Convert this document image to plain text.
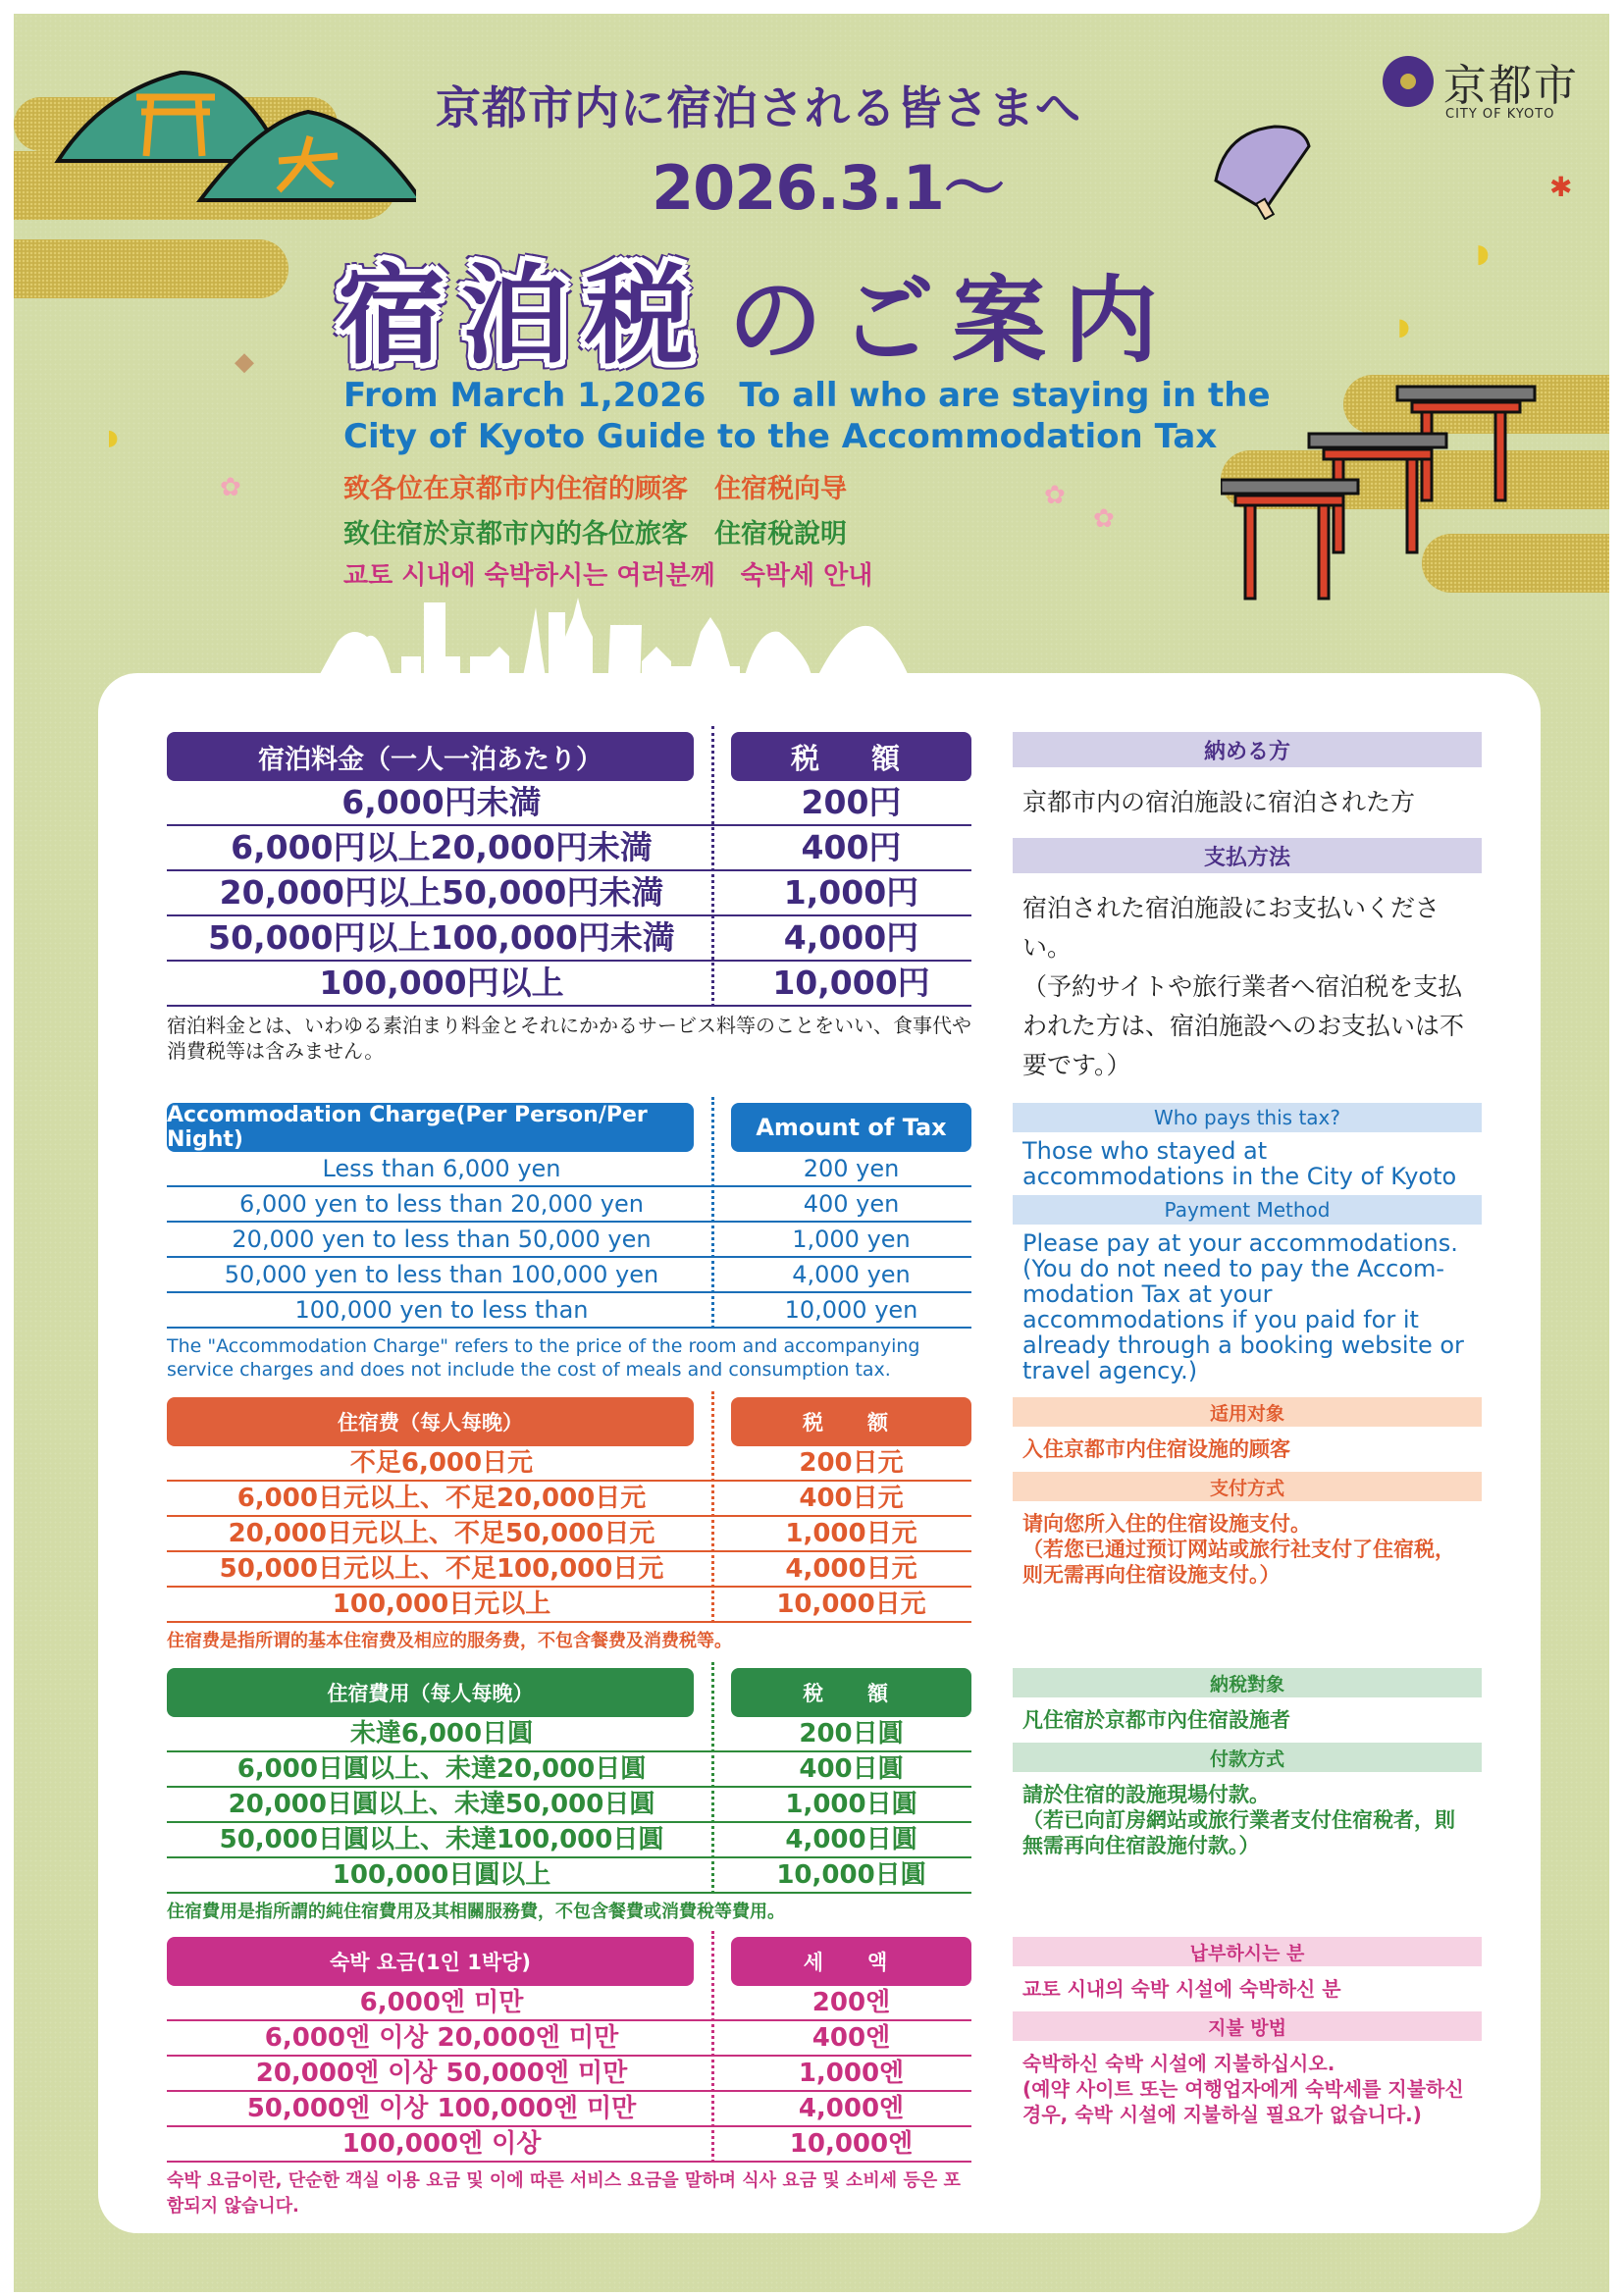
✱
◗
◗
◆
◗
✿	✿
✿
京都市
CITY OF KYOTO
京都市内に宿泊される皆さまへ
2026.3.1～
宿泊税 のご案内
From March 1,2026　To all who are staying in the City of Kyoto Guide to the Accommodation Tax
致各位在京都市内住宿的顾客　住宿税向导
致住宿於京都市內的各位旅客　住宿稅說明
교토 시내에 숙박하시는 여러분께　숙박세 안내
宿泊料金（一人一泊あたり）	税　額
6,000円未満	200円
6,000円以上20,000円未満	400円
20,000円以上50,000円未満	1,000円
50,000円以上100,000円未満	4,000円
100,000円以上	10,000円
宿泊料金とは、いわゆる素泊まり料金とそれにかかるサービス料等のことをいい、食事代や消費税等は含みません。
納める方
京都市内の宿泊施設に宿泊された方
支払方法
宿泊された宿泊施設にお支払いください。
（予約サイトや旅行業者へ宿泊税を支払われた方は、宿泊施設へのお支払いは不要です。）
Accommodation Charge(Per Person/Per Night)	Amount of Tax
Less than 6,000 yen	200 yen
6,000 yen to less than 20,000 yen	400 yen
20,000 yen to less than 50,000 yen	1,000 yen
50,000 yen to less than 100,000 yen	4,000 yen
100,000 yen to less than	10,000 yen
The "Accommodation Charge" refers to the price of the room and accompanying service charges and does not include the cost of meals and consumption tax.
Who pays this tax?
Those who stayed at
accommodations in the City of Kyoto
Payment Method
Please pay at your accommodations. (You do not need to pay the Accom-modation Tax at your accommodations if you paid for it already through a booking website or travel agency.)
住宿费（每人每晚）	税　额
不足6,000日元	200日元
6,000日元以上、不足20,000日元	400日元
20,000日元以上、不足50,000日元	1,000日元
50,000日元以上、不足100,000日元	4,000日元
100,000日元以上	10,000日元
住宿费是指所谓的基本住宿费及相应的服务费，不包含餐费及消费税等。
适用对象
入住京都市内住宿设施的顾客
支付方式
请向您所入住的住宿设施支付。
（若您已通过预订网站或旅行社支付了住宿税，则无需再向住宿设施支付。）
住宿費用（每人每晚）	稅　額
未達6,000日圓	200日圓
6,000日圓以上、未達20,000日圓	400日圓
20,000日圓以上、未達50,000日圓	1,000日圓
50,000日圓以上、未達100,000日圓	4,000日圓
100,000日圓以上	10,000日圓
住宿費用是指所謂的純住宿費用及其相關服務費，不包含餐費或消費稅等費用。
納稅對象
凡住宿於京都市內住宿設施者
付款方式
請於住宿的設施現場付款。
（若已向訂房網站或旅行業者支付住宿稅者，則無需再向住宿設施付款。）
숙박 요금(1인 1박당)	세　액
6,000엔 미만	200엔
6,000엔 이상 20,000엔 미만	400엔
20,000엔 이상 50,000엔 미만	1,000엔
50,000엔 이상 100,000엔 미만	4,000엔
100,000엔 이상	10,000엔
숙박 요금이란, 단순한 객실 이용 요금 및 이에 따른 서비스 요금을 말하며 식사 요금 및 소비세 등은 포함되지 않습니다.
납부하시는 분
교토 시내의 숙박 시설에 숙박하신 분
지불 방법
숙박하신 숙박 시설에 지불하십시오.
(예약 사이트 또는 여행업자에게 숙박세를 지불하신 경우, 숙박 시설에 지불하실 필요가 없습니다.)
